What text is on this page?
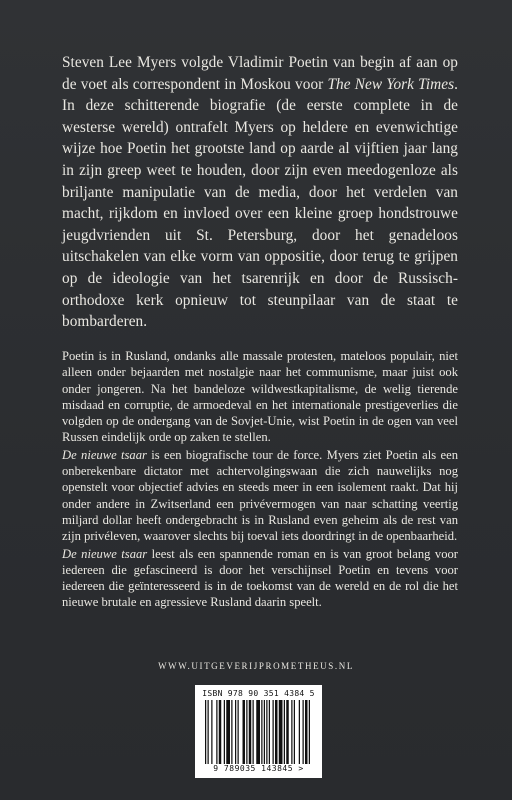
Steven Lee Myers volgde Vladimir Poetin van begin af aan op de voet als correspondent in Moskou voor The New York Times. In deze schitterende biografie (de eerste complete in de westerse wereld) ontrafelt Myers op heldere en evenwichtige wijze hoe Poetin het grootste land op aarde al vijftien jaar lang in zijn greep weet te houden, door zijn even meedogenloze als briljante manipulatie van de media, door het verdelen van macht, rijkdom en invloed over een kleine groep hondstrouwe jeugdvrienden uit St. Petersburg, door het genadeloos uitschakelen van elke vorm van oppositie, door terug te grijpen op de ideologie van het tsarenrijk en door de Russisch-orthodoxe kerk opnieuw tot steunpilaar van de staat te bombarderen.

Poetin is in Rusland, ondanks alle massale protesten, mateloos populair, niet alleen onder bejaarden met nostalgie naar het communisme, maar juist ook onder jongeren. Na het bandeloze wildwestkapitalisme, de welig tierende misdaad en corruptie, de armoedeval en het internationale prestigeverlies die volgden op de ondergang van de Sovjet-Unie, wist Poetin in de ogen van veel Russen eindelijk orde op zaken te stellen.

De nieuwe tsaar is een biografische tour de force. Myers ziet Poetin als een onberekenbare dictator met achtervolgingswaan die zich nauwelijks nog openstelt voor objectief advies en steeds meer in een isolement raakt. Dat hij onder andere in Zwitserland een privévermogen van naar schatting veertig miljard dollar heeft ondergebracht is in Rusland even geheim als de rest van zijn privéleven, waarover slechts bij toeval iets doordringt in de openbaarheid.

De nieuwe tsaar leest als een spannende roman en is van groot belang voor iedereen die gefascineerd is door het verschijnsel Poetin en tevens voor iedereen die geïnteresseerd is in de toekomst van de wereld en de rol die het nieuwe brutale en agressieve Rusland daarin speelt.

WWW.UITGEVERIJPROMETHEUS.NL
ISBN 978 90 351 4384 5
9 789035 143845 >
